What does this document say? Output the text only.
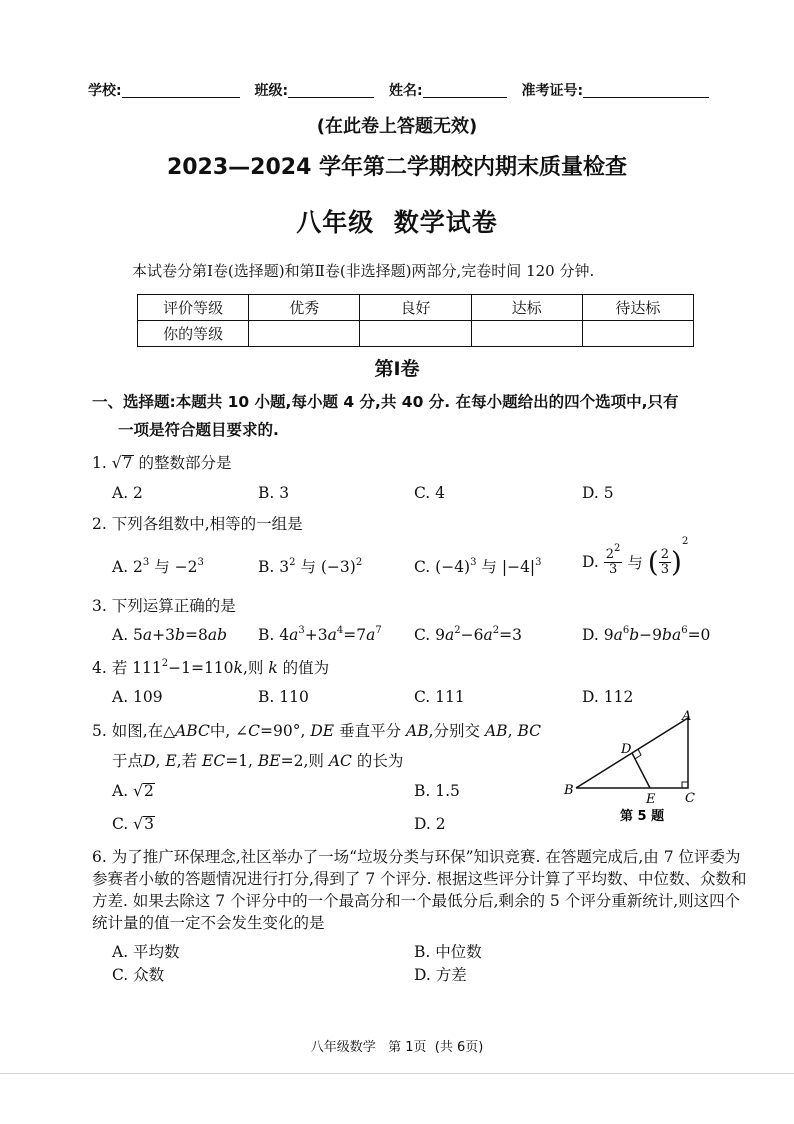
学校:	班级:	姓名:	准考证号:
(在此卷上答题无效)
2023—2024 学年第二学期校内期末质量检查
八年级  数学试卷
本试卷分第Ⅰ卷(选择题)和第Ⅱ卷(非选择题)两部分,完卷时间 120 分钟.
评价等级	优秀	良好	达标	待达标
你的等级				
第Ⅰ卷
一、选择题:本题共 10 小题,每小题 4 分,共 40 分. 在每小题给出的四个选项中,只有
一项是符合题目要求的.
1. √7 的整数部分是
A. 2	B. 3	C. 4	D. 5
2. 下列各组数中,相等的一组是
A. $2^3$ 与 $-2^3$	B. $3^2$ 与 $(-3)^2$	C. $(-4)^3$ 与 $|-4|^3$	D. $\frac{2^2}{3}$ 与 ( $\frac{2}{3} )^2$
3. 下列运算正确的是
A. 5a+3b=8ab B. $4a^3+3a^4=7a^7$ C. $9a^2-6a^2=3$	D. $9a^6b-9ba^6=0$
4. 若 $111^2-1=110k$,则 k 的值为
A. 109	B. 110	C. 111	D. 112
5. 如图,在△ABC中, ∠C=90°, DE 垂直平分 AB,分别交 AB, BC
于点D, E,若 EC=1, BE=2,则 AC 的长为
A. √2	B. 1.5
C. √3	D. 2
A
B
C
D
E
第 5 题
6. 为了推广环保理念,社区举办了一场“垃圾分类与环保”知识竞赛. 在答题完成后,由 7 位评委为参赛者小敏的答题情况进行打分,得到了 7 个评分. 根据这些评分计算了平均数、中位数、众数和方差. 如果去除这 7 个评分中的一个最高分和一个最低分后,剩余的 5 个评分重新统计,则这四个统计量的值一定不会发生变化的是
A. 平均数	B. 中位数
C. 众数	D. 方差
八年级数学   第 1页  (共 6页)
